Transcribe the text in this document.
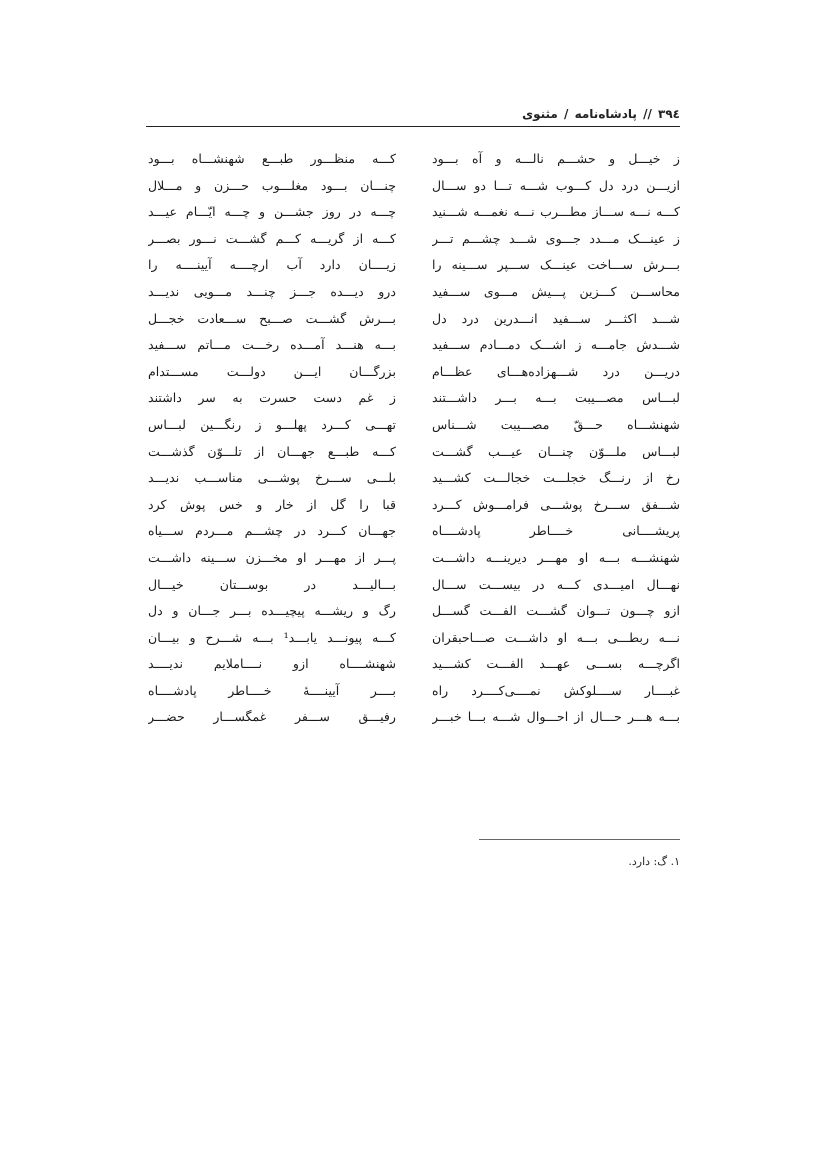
۳۹٤ // پادشاه‌نامه / مثنوی
ز خیـــل و حشـــم نالـــه و آه بـــود
کـــه منظـــور طبـــع شهنشـــاه بـــود
ازیـــن درد دل کـــوب شـــه تـــا دو ســـال
چنـــان بـــود مغلـــوب حـــزن و مـــلال
کـــه نـــه ســـاز مطـــرب نـــه نغمـــه شـــنید
چـــه در روز جشـــن و چـــه ایّـــام عیـــد
ز عینـــک مـــدد جـــوی شـــد چشـــم تـــر
کـــه از گریـــه کـــم گشـــت نـــور بصـــر
بـــرش ســـاخت عینـــک ســـپر ســـینه را
زیــــان دارد آب ارچــــه آیینــــه را
محاســـن کـــزین پـــیش مـــوی ســـفید
درو دیـــده جـــز چنـــد مـــویی ندیـــد
شـــد اکثـــر ســـفید انـــدرین درد دل
بـــرش گشـــت صـــبح ســـعادت خجـــل
شـــدش جامـــه ز اشـــک دمـــادم ســـفید
بـــه هنـــد آمـــده رخـــت مـــاتم ســـفید
دریـــن درد شـــهزاده‌هـــای عظـــام
بزرگـــان ایـــن دولـــت مســـتدام
لبـــاس مصـــیبت بـــه بـــر داشـــتند
ز غم دست حسرت به سر داشتند
شهنشـــاه حـــقّ مصـــیبت شـــناس
تهـــی کـــرد پهلـــو ز رنگـــین لبـــاس
لبـــاس ملـــوّن چنـــان عیـــب گشـــت
کـــه طبـــع جهـــان از تلـــوّن گذشـــت
رخ از رنـــگ خجلـــت خجالـــت کشـــید
بلـــی ســـرخ پوشـــی مناســـب ندیـــد
شـــفق ســـرخ پوشـــی فرامـــوش کـــرد
قبا را گل از خار و خس پوش کرد
پریشــــانی خــــاطر پادشــــاه
جهـــان کـــرد در چشـــم مـــردم ســـیاه
شهنشـــه بـــه او مهـــر دیرینـــه داشـــت
پـــر از مهـــر او مخـــزن ســـینه داشـــت
نهـــال امیـــدی کـــه در بیســـت ســـال
بـــالیـــد در بوســـتان خیـــال
ازو چـــون تـــوان گشـــت الفـــت گســـل
رگ و ریشـــه پیچیـــده بـــر جـــان و دل
نـــه ربطـــی بـــه او داشـــت صـــاحبقران
کـــه پیونـــد یابـــد¹ بـــه شـــرح و بیـــان
اگرچـــه بســـی عهـــد الفـــت کشـــید
شهنشــــاه ازو نــــاملایم ندیــــد
غبــــار ســــلوکش نمــــی‌کــــرد راه
بــــر آیینــــهٔ خــــاطر پادشــــاه
بـــه هـــر حـــال از احـــوال شـــه بـــا خبـــر
رفیـــق ســـفر غمگســـار حضـــر
۱. گ: دارد.
